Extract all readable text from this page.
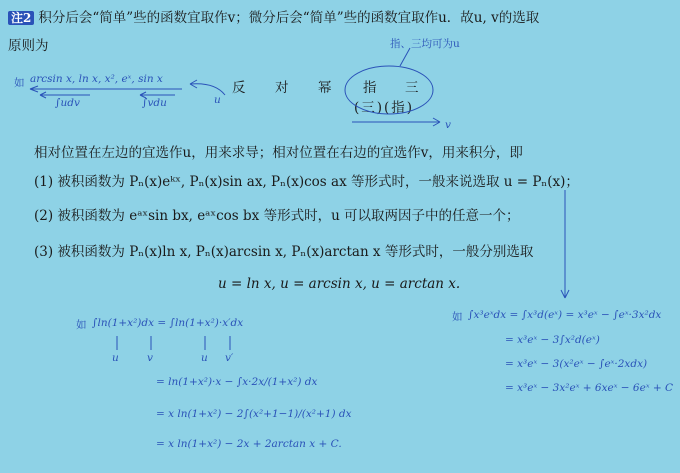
注2 积分后会“简单”些的函数宜取作v；微分后会“简单”些的函数宜取作u．故u, v的选取
原则为	指、三均可为u
如 arcsin x, ln x, x², eˣ, sin x
∫udv	∫vdu	u
v
反 对 幂 指 三
(三)(指)
相对位置在左边的宜选作u，用来求导；相对位置在右边的宜选作v，用来积分，即
(1) 被积函数为 Pₙ(x)eᵏˣ, Pₙ(x)sin ax, Pₙ(x)cos ax 等形式时，一般来说选取 u = Pₙ(x)；
(2) 被积函数为 eᵃˣsin bx, eᵃˣcos bx 等形式时，u 可以取两因子中的任意一个；
(3) 被积函数为 Pₙ(x)ln x, Pₙ(x)arcsin x, Pₙ(x)arctan x 等形式时，一般分别选取
u = ln x, u = arcsin x, u = arctan x.
如 ∫ln(1+x²)dx = ∫ln(1+x²)·x′dx
u	v	u v′
= ln(1+x²)·x − ∫x·2x/(1+x²) dx
= x ln(1+x²) − 2∫(x²+1−1)/(x²+1) dx
= x ln(1+x²) − 2x + 2arctan x + C.
如 ∫x³eˣdx = ∫x³d(eˣ) = x³eˣ − ∫eˣ·3x²dx
= x³eˣ − 3∫x²d(eˣ)
= x³eˣ − 3(x²eˣ − ∫eˣ·2xdx)
= x³eˣ − 3x²eˣ + 6xeˣ − 6eˣ + C
